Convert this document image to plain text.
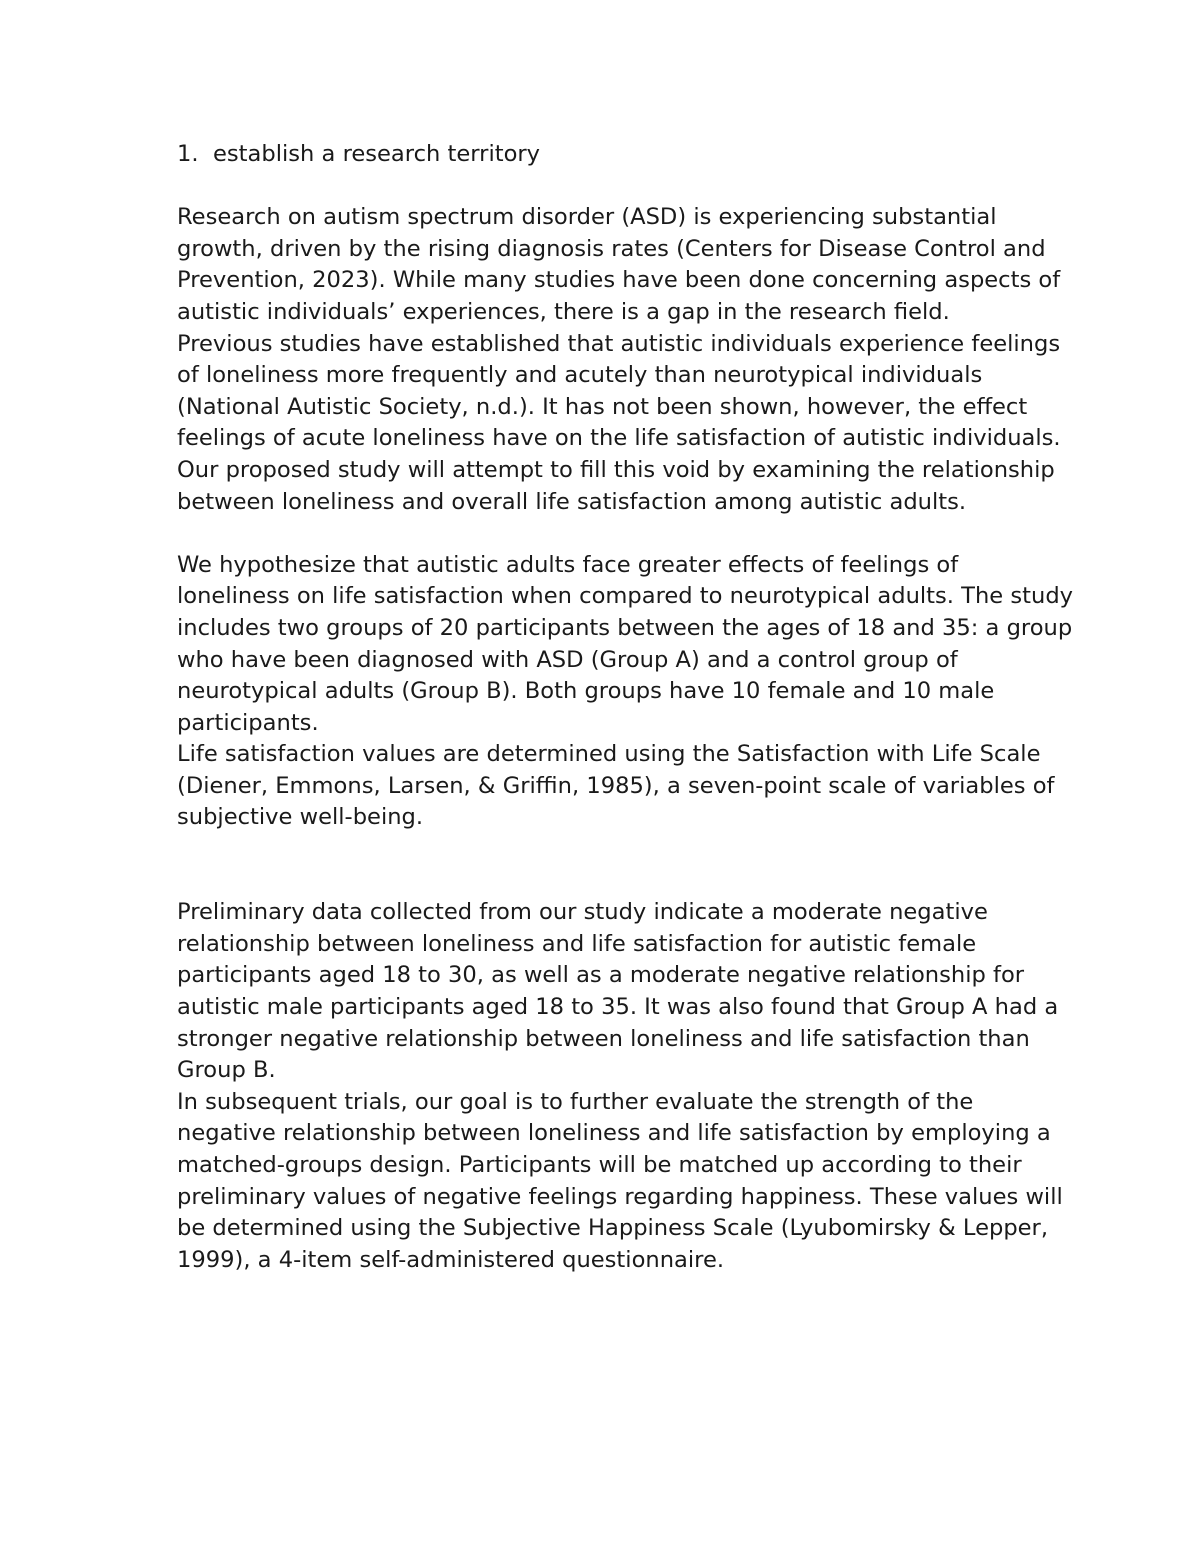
1. establish a research territory

Research on autism spectrum disorder (ASD) is experiencing substantial growth, driven by the rising diagnosis rates (Centers for Disease Control and Prevention, 2023). While many studies have been done concerning aspects of autistic individuals’ experiences, there is a gap in the research field.

Previous studies have established that autistic individuals experience feelings of loneliness more frequently and acutely than neurotypical individuals (National Autistic Society, n.d.). It has not been shown, however, the effect feelings of acute loneliness have on the life satisfaction of autistic individuals.

Our proposed study will attempt to fill this void by examining the relationship between loneliness and overall life satisfaction among autistic adults.

We hypothesize that autistic adults face greater effects of feelings of loneliness on life satisfaction when compared to neurotypical adults. The study includes two groups of 20 participants between the ages of 18 and 35: a group who have been diagnosed with ASD (Group A) and a control group of neurotypical adults (Group B). Both groups have 10 female and 10 male participants.

Life satisfaction values are determined using the Satisfaction with Life Scale (Diener, Emmons, Larsen, & Griffin, 1985), a seven-point scale of variables of subjective well-being.

Preliminary data collected from our study indicate a moderate negative relationship between loneliness and life satisfaction for autistic female participants aged 18 to 30, as well as a moderate negative relationship for autistic male participants aged 18 to 35. It was also found that Group A had a stronger negative relationship between loneliness and life satisfaction than Group B.

In subsequent trials, our goal is to further evaluate the strength of the negative relationship between loneliness and life satisfaction by employing a matched-groups design. Participants will be matched up according to their preliminary values of negative feelings regarding happiness. These values will be determined using the Subjective Happiness Scale (Lyubomirsky & Lepper, 1999), a 4-item self-administered questionnaire.
